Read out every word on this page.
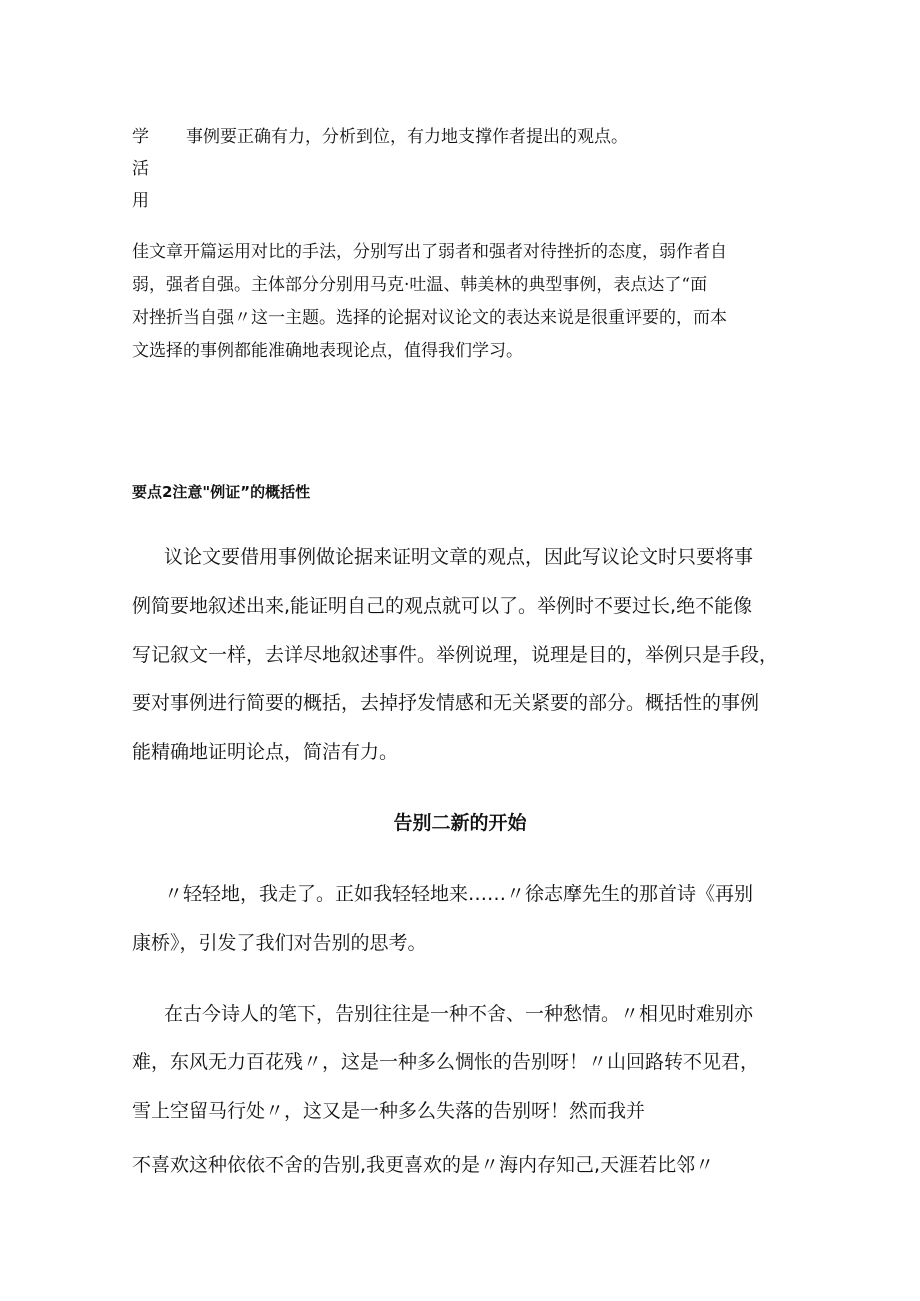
学
活
用
事例要正确有力，分析到位，有力地支撑作者提出的观点。
佳文章开篇运用对比的手法，分别写出了弱者和强者对待挫折的态度，弱作者自
弱，强者自强。主体部分分别用马克·吐温、韩美林的典型事例，表点达了“面
对挫折当自强〃这一主题。选择的论据对议论文的表达来说是很重评要的，而本
文选择的事例都能准确地表现论点，值得我们学习。
要点2注意"例证”的概括性
议论文要借用事例做论据来证明文章的观点，因此写议论文时只要将事
例简要地叙述出来,能证明自己的观点就可以了。举例时不要过长,绝不能像
写记叙文一样，去详尽地叙述事件。举例说理，说理是目的，举例只是手段，
要对事例进行简要的概括，去掉抒发情感和无关紧要的部分。概括性的事例
能精确地证明论点，简洁有力。
告别二新的开始
〃轻轻地，我走了。正如我轻轻地来……〃徐志摩先生的那首诗《再别
康桥》，引发了我们对告别的思考。
在古今诗人的笔下，告别往往是一种不舍、一种愁情。〃相见时难别亦
难，东风无力百花残〃，这是一种多么惆怅的告别呀！〃山回路转不见君，
雪上空留马行处〃，这又是一种多么失落的告别呀！然而我并
不喜欢这种依依不舍的告别,我更喜欢的是〃海内存知己,天涯若比邻〃
